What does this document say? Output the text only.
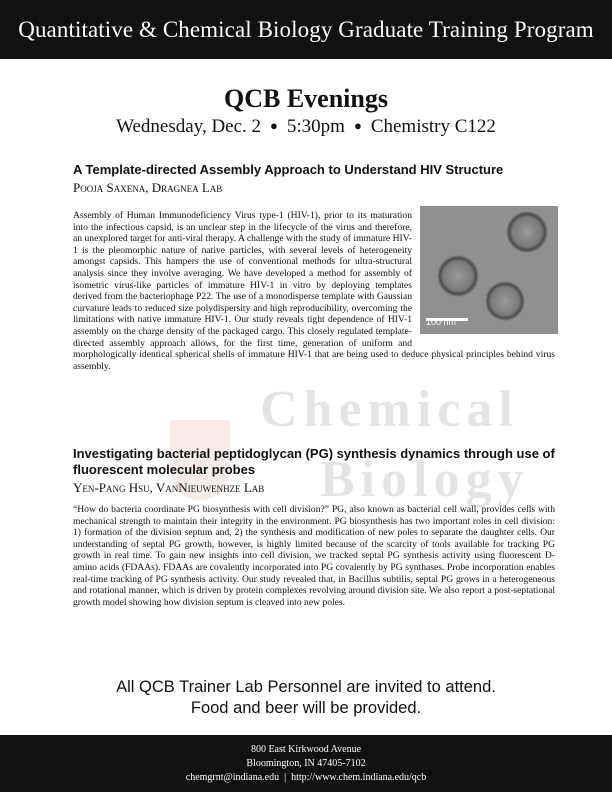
Quantitative & Chemical Biology Graduate Training Program
Chemical
Biology
QCB Evenings
Wednesday, Dec. 2 ● 5:30pm ● Chemistry C122
A Template-directed Assembly Approach to Understand HIV Structure
Pooja Saxena, Dragnea Lab
100 nm

Assembly of Human Immunodeficiency Virus type-1 (HIV-1), prior to its maturation into the infectious capsid, is an unclear step in the lifecycle of the virus and therefore, an unexplored target for anti-viral therapy. A challenge with the study of immature HIV-1 is the pleomorphic nature of native particles, with several levels of heterogeneity amongst capsids. This hampers the use of conventional methods for ultra-structural analysis since they involve averaging. We have developed a method for assembly of isometric virus-like particles of immature HIV-1 in vitro by deploying templates derived from the bacteriophage P22. The use of a monodisperse template with Gaussian curvature leads to reduced size polydispersity and high reproducibility, overcoming the limitations with native immature HIV-1. Our study reveals tight dependence of HIV-1 assembly on the charge density of the packaged cargo. This closely regulated template-directed assembly approach allows, for the first time, generation of uniform and morphologically identical spherical shells of immature HIV-1 that are being used to deduce physical principles behind virus assembly.

Investigating bacterial peptidoglycan (PG) synthesis dynamics through use of fluorescent molecular probes
Yen-Pang Hsu, VanNieuwenhze Lab

“How do bacteria coordinate PG biosynthesis with cell division?” PG, also known as bacterial cell wall, provides cells with mechanical strength to maintain their integrity in the environment. PG biosynthesis has two important roles in cell division: 1) formation of the division septum and, 2) the synthesis and modification of new poles to separate the daughter cells. Our understanding of septal PG growth, however, is highly limited because of the scarcity of tools available for tracking PG growth in real time. To gain new insights into cell division, we tracked septal PG synthesis activity using fluorescent D-amino acids (FDAAs). FDAAs are covalently incorporated into PG covalently by PG synthases. Probe incorporation enables real-time tracking of PG synthesis activity. Our study revealed that, in Bacillus subtilis, septal PG grows in a heterogeneous and rotational manner, which is driven by protein complexes revolving around division site. We also report a post-septational growth model showing how division septum is cleaved into new poles.

All QCB Trainer Lab Personnel are invited to attend.
Food and beer will be provided.
800 East Kirkwood Avenue
Bloomington, IN 47405-7102
chemgrnt@indiana.edu  |  http://www.chem.indiana.edu/qcb
